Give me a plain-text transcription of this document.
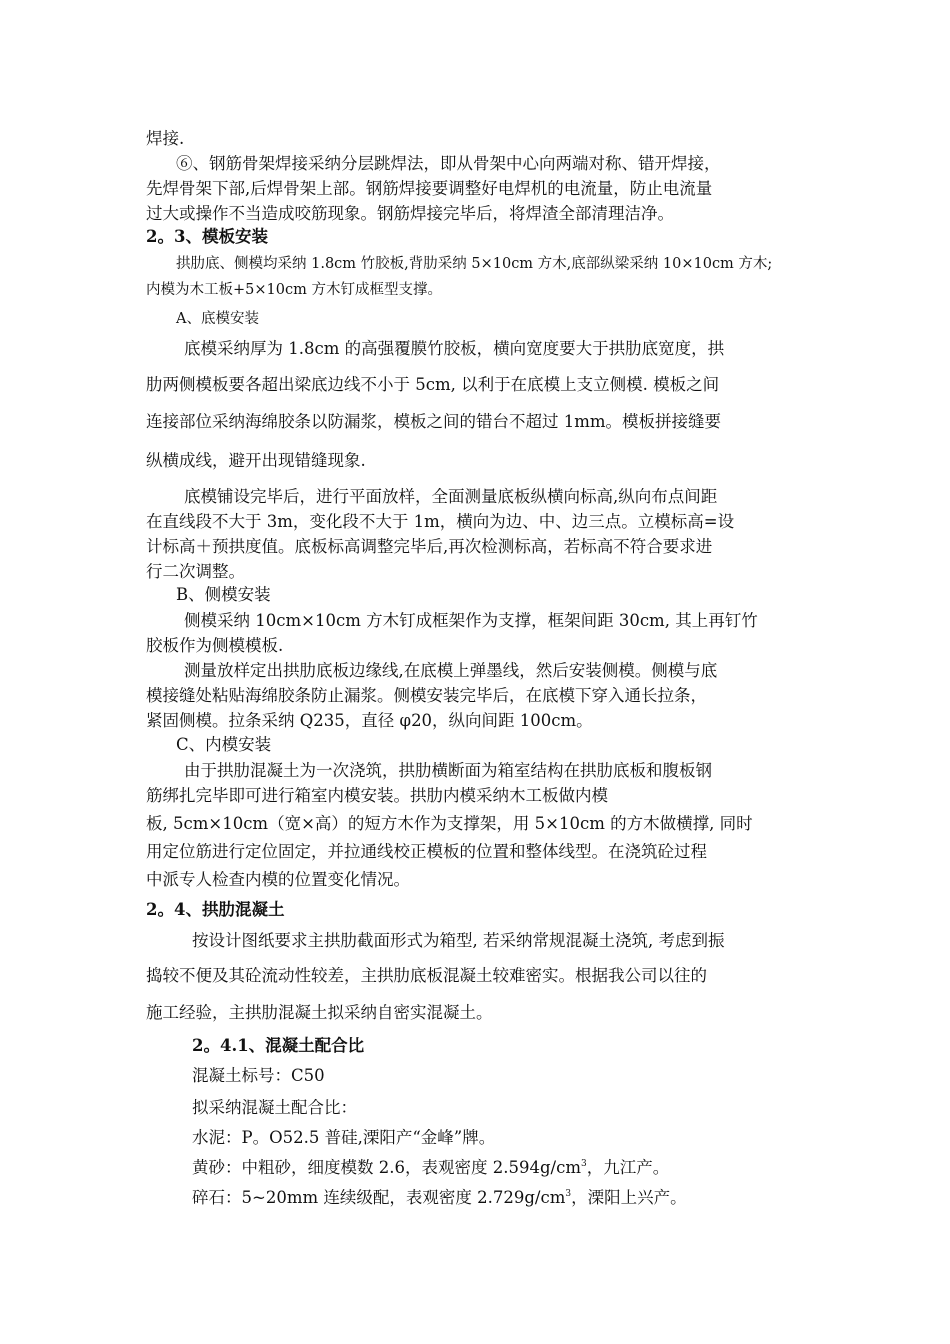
焊接.

⑥、钢筋骨架焊接采纳分层跳焊法，即从骨架中心向两端对称、错开焊接，

先焊骨架下部,后焊骨架上部。钢筋焊接要调整好电焊机的电流量，防止电流量

过大或操作不当造成咬筋现象。钢筋焊接完毕后，将焊渣全部清理洁净。

2。3、模板安装

拱肋底、侧模均采纳 1.8cm 竹胶板,背肋采纳 5×10cm 方木,底部纵梁采纳 10×10cm 方木;

内模为木工板+5×10cm 方木钉成框型支撑。

A、底模安装

底模采纳厚为 1.8cm 的高强覆膜竹胶板，横向宽度要大于拱肋底宽度，拱

肋两侧模板要各超出梁底边线不小于 5cm, 以利于在底模上支立侧模. 模板之间

连接部位采纳海绵胶条以防漏浆，模板之间的错台不超过 1mm。模板拼接缝要

纵横成线，避开出现错缝现象.

底模铺设完毕后，进行平面放样，全面测量底板纵横向标高,纵向布点间距

在直线段不大于 3m，变化段不大于 1m，横向为边、中、边三点。立模标高=设

计标高＋预拱度值。底板标高调整完毕后,再次检测标高，若标高不符合要求进

行二次调整。

B、侧模安装

侧模采纳 10cm×10cm 方木钉成框架作为支撑，框架间距 30cm, 其上再钉竹

胶板作为侧模模板.

测量放样定出拱肋底板边缘线,在底模上弹墨线，然后安装侧模。侧模与底

模接缝处粘贴海绵胶条防止漏浆。侧模安装完毕后，在底模下穿入通长拉条，

紧固侧模。拉条采纳 Q235，直径 φ20，纵向间距 100cm。

C、内模安装

由于拱肋混凝土为一次浇筑，拱肋横断面为箱室结构在拱肋底板和腹板钢

筋绑扎完毕即可进行箱室内模安装。拱肋内模采纳木工板做内模

板, 5cm×10cm（宽×高）的短方木作为支撑架，用 5×10cm 的方木做横撑, 同时

用定位筋进行定位固定，并拉通线校正模板的位置和整体线型。在浇筑砼过程

中派专人检查内模的位置变化情况。

2。4、拱肋混凝土

按设计图纸要求主拱肋截面形式为箱型, 若采纳常规混凝土浇筑, 考虑到振

捣较不便及其砼流动性较差，主拱肋底板混凝土较难密实。根据我公司以往的

施工经验，主拱肋混凝土拟采纳自密实混凝土。

2。4.1、混凝土配合比

混凝土标号：C50

拟采纳混凝土配合比：

水泥：P。O52.5 普硅,溧阳产“金峰”牌。

黄砂：中粗砂，细度模数 2.6，表观密度 $2.594g/cm^3$，九江产。

碎石：5~20mm 连续级配，表观密度 $2.729g/cm^3$，溧阳上兴产。
